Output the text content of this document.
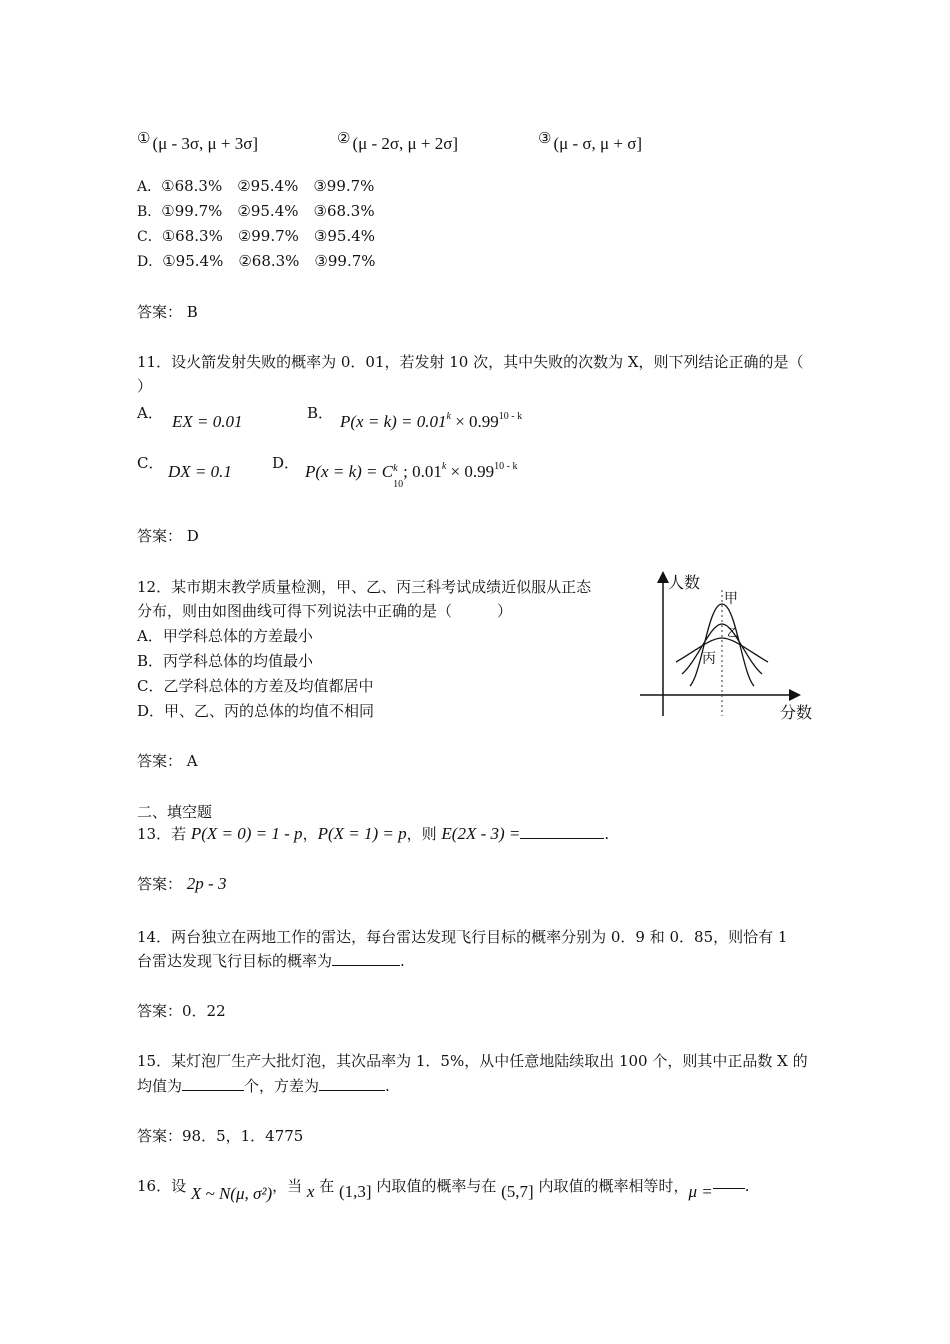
① (μ - 3σ, μ + 3σ]	② (μ - 2σ, μ + 2σ]	③ (μ - σ, μ + σ]
A．①68.3%　②95.4%　③99.7%
B．①99.7%　②95.4%　③68.3%
C．①68.3%　②99.7%　③95.4%
D．①95.4%　②68.3%　③99.7%
答案： B
11．设火箭发射失败的概率为 0．01，若发射 10 次，其中失败的次数为 X，则下列结论正确的是（
）
A． EX = 0.01	B． $P(x = k) = 0.01^k \times 0.99^{10 - k}$
C． DX = 0.1	D． P(x = k) = C k
10
; $0.01^k \times 0.99^{10 - k}$
答案： D
12．某市期末教学质量检测，甲、乙、丙三科考试成绩近似服从正态
分布，则由如图曲线可得下列说法中正确的是（　　　）
A．甲学科总体的方差最小
B．丙学科总体的均值最小
C．乙学科总体的方差及均值都居中
D．甲、乙、丙的总体的均值不相同
人数
分数
甲
乙
丙
答案： A
二、填空题
13．若 P(X = 0) = 1 - p，P(X = 1) = p，则 E(2X - 3) =	.
答案： 2p - 3
14．两台独立在两地工作的雷达，每台雷达发现飞行目标的概率分别为 0．9 和 0．85，则恰有 1
台雷达发现飞行目标的概率为	.
答案：0．22
15．某灯泡厂生产大批灯泡，其次品率为 1．5%，从中任意地陆续取出 100 个，则其中正品数 X 的
均值为	个，方差为	.
答案：98．5，1．4775
16．设 X ~ N(μ, σ²)，当 x 在 (1,3] 内取值的概率与在 (5,7] 内取值的概率相等时，μ = .
